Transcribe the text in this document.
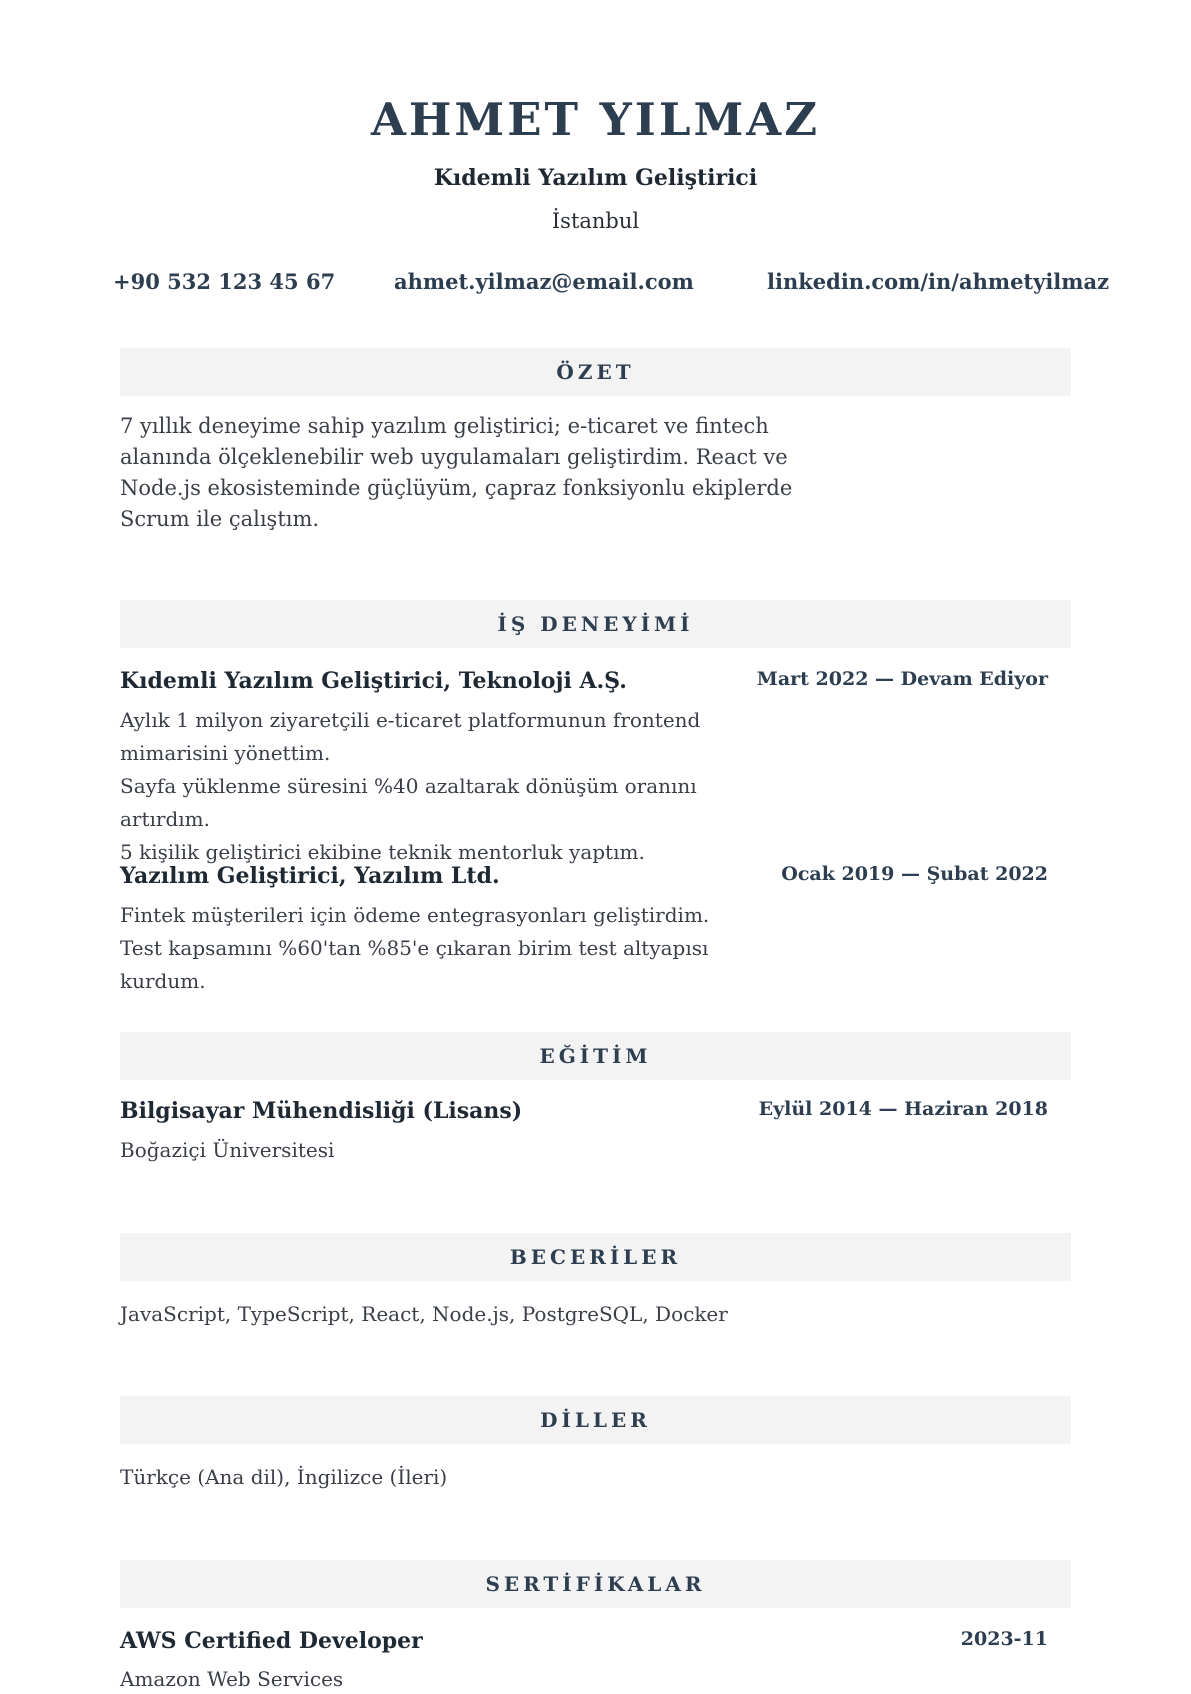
AHMET YILMAZ
Kıdemli Yazılım Geliştirici
İstanbul
+90 532 123 45 67	ahmet.yilmaz@email.com	linkedin.com/in/ahmetyilmaz
ÖZET
7 yıllık deneyime sahip yazılım geliştirici; e-ticaret ve fintech alanında ölçeklenebilir web uygulamaları geliştirdim. React ve Node.js ekosisteminde güçlüyüm, çapraz fonksiyonlu ekiplerde Scrum ile çalıştım.
İŞ DENEYİMİ
Kıdemli Yazılım Geliştirici, Teknoloji A.Ş.	Mart 2022 — Devam Ediyor
Aylık 1 milyon ziyaretçili e-ticaret platformunun frontend mimarisini yönettim.
Sayfa yüklenme süresini %40 azaltarak dönüşüm oranını artırdım.
5 kişilik geliştirici ekibine teknik mentorluk yaptım.
Yazılım Geliştirici, Yazılım Ltd.	Ocak 2019 — Şubat 2022
Fintek müşterileri için ödeme entegrasyonları geliştirdim.
Test kapsamını %60'tan %85'e çıkaran birim test altyapısı kurdum.
EĞİTİM
Bilgisayar Mühendisliği (Lisans)	Eylül 2014 — Haziran 2018
Boğaziçi Üniversitesi
BECERİLER
JavaScript, TypeScript, React, Node.js, PostgreSQL, Docker
DİLLER
Türkçe (Ana dil), İngilizce (İleri)
SERTİFİKALAR
AWS Certified Developer	2023-11
Amazon Web Services
